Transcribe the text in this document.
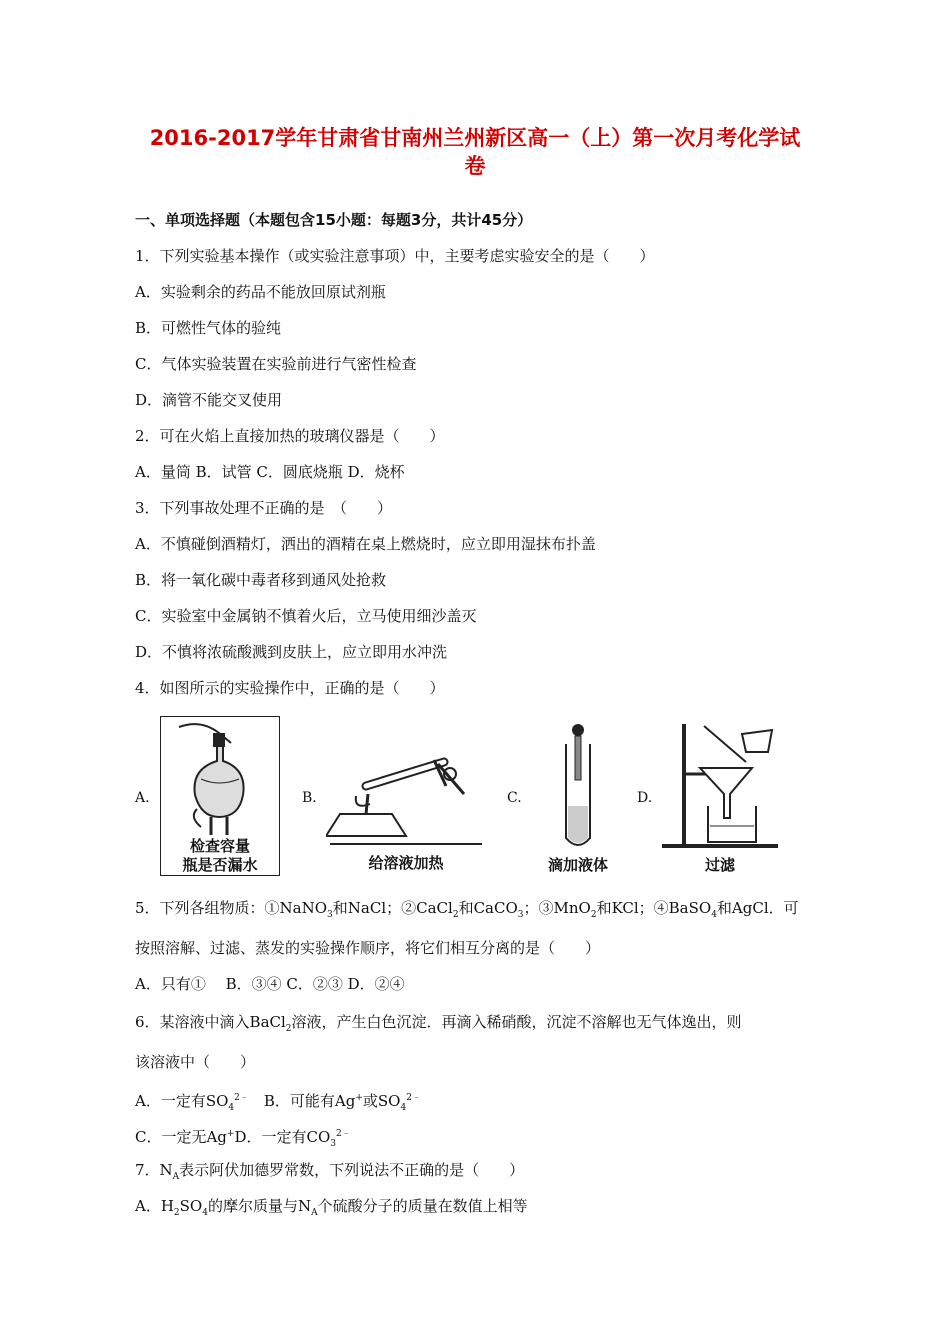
2016-2017学年甘肃省甘南州兰州新区高一（上）第一次月考化学试
卷
一、单项选择题（本题包含15小题：每题3分，共计45分）
1．下列实验基本操作（或实验注意事项）中，主要考虑实验安全的是（　　）
A．实验剩余的药品不能放回原试剂瓶
B．可燃性气体的验纯
C．气体实验装置在实验前进行气密性检查
D．滴管不能交叉使用
2．可在火焰上直接加热的玻璃仪器是（　　）
A．量筒 B．试管 C．圆底烧瓶 D．烧杯
3．下列事故处理不正确的是　（　　）
A．不慎碰倒酒精灯，洒出的酒精在桌上燃烧时，应立即用湿抹布扑盖
B．将一氧化碳中毒者移到通风处抢救
C．实验室中金属钠不慎着火后，立马使用细沙盖灭
D．不慎将浓硫酸溅到皮肤上，应立即用水冲洗
4．如图所示的实验操作中，正确的是（　　）
A.
检查容量
瓶是否漏水
B.
给溶液加热
C.
滴加液体
D.
过滤
5．下列各组物质：①NaNO$_3$和NaCl；②CaCl$_2$和CaCO$_3$；③MnO$_2$和KCl；④BaSO$_4$和AgCl．可
按照溶解、过滤、蒸发的实验操作顺序，将它们相互分离的是（　　）
A．只有①　 B．③④ C．②③ D．②④
6．某溶液中滴入BaCl$_2$溶液，产生白色沉淀．再滴入稀硝酸，沉淀不溶解也无气体逸出，则
该溶液中（　　）
A．一定有$SO_4^{2﹣}$　B．可能有Ag+或$SO_4^{2﹣}$
C．一定无Ag+D．一定有$CO_3^{2﹣}$
7．$N_A$表示阿伏加德罗常数，下列说法不正确的是（　　）
A．$H_2SO_4$的摩尔质量与$N_A$个硫酸分子的质量在数值上相等
